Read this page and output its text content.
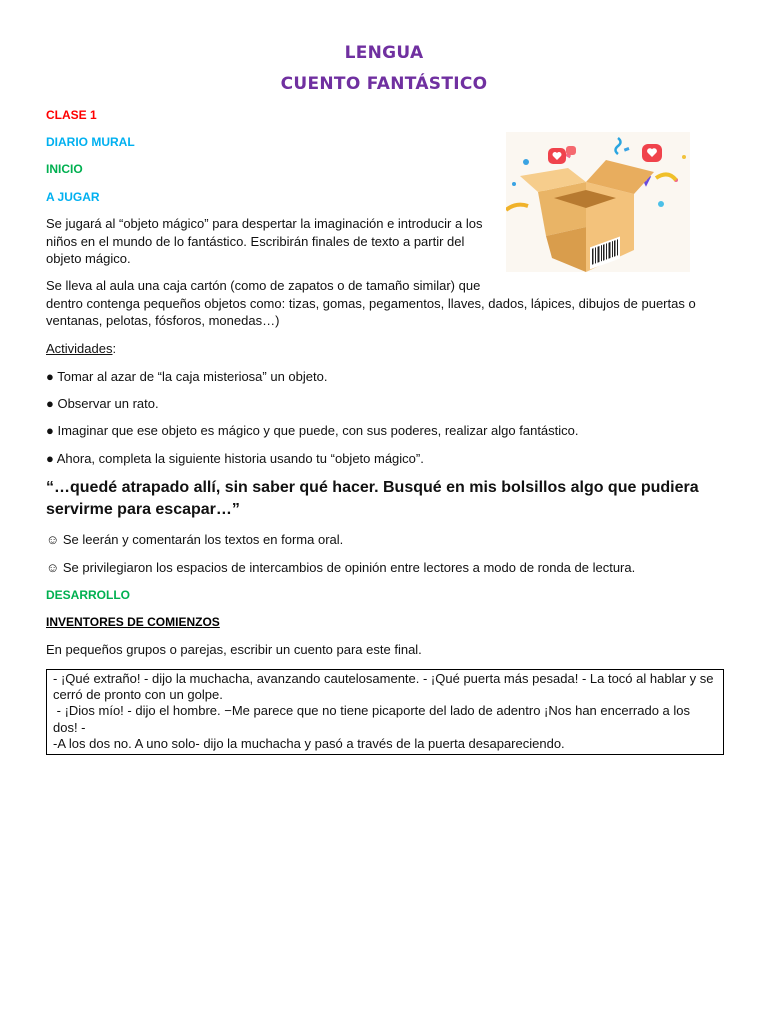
LENGUA
CUENTO FANTÁSTICO
CLASE 1
DIARIO MURAL
INICIO
A JUGAR
Se jugará al “objeto mágico” para despertar la imaginación e introducir a los
niños en el mundo de lo fantástico. Escribirán finales de texto a partir del
objeto mágico.
Se lleva al aula una caja cartón (como de zapatos o de tamaño similar) que
dentro contenga pequeños objetos como: tizas, gomas, pegamentos, llaves, dados, lápices, dibujos de puertas o
ventanas, pelotas, fósforos, monedas…)
Actividades:
● Tomar al azar de “la caja misteriosa” un objeto.
● Observar un rato.
● Imaginar que ese objeto es mágico y que puede, con sus poderes, realizar algo fantástico.
● Ahora, completa la siguiente historia usando tu “objeto mágico”.
“…quedé atrapado allí, sin saber qué hacer. Busqué en mis bolsillos algo que pudiera
servirme para escapar…”
☺ Se leerán y comentarán los textos en forma oral.
☺ Se privilegiaron los espacios de intercambios de opinión entre lectores a modo de ronda de lectura.
DESARROLLO
INVENTORES DE COMIENZOS
En pequeños grupos o parejas, escribir un cuento para este final.
- ¡Qué extraño! - dijo la muchacha, avanzando cautelosamente. - ¡Qué puerta más pesada! - La tocó al hablar y se
cerró de pronto con un golpe.
- ¡Dios mío! - dijo el hombre. −Me parece que no tiene picaporte del lado de adentro ¡Nos han encerrado a los
dos! -
-A los dos no. A uno solo- dijo la muchacha y pasó a través de la puerta desapareciendo.
